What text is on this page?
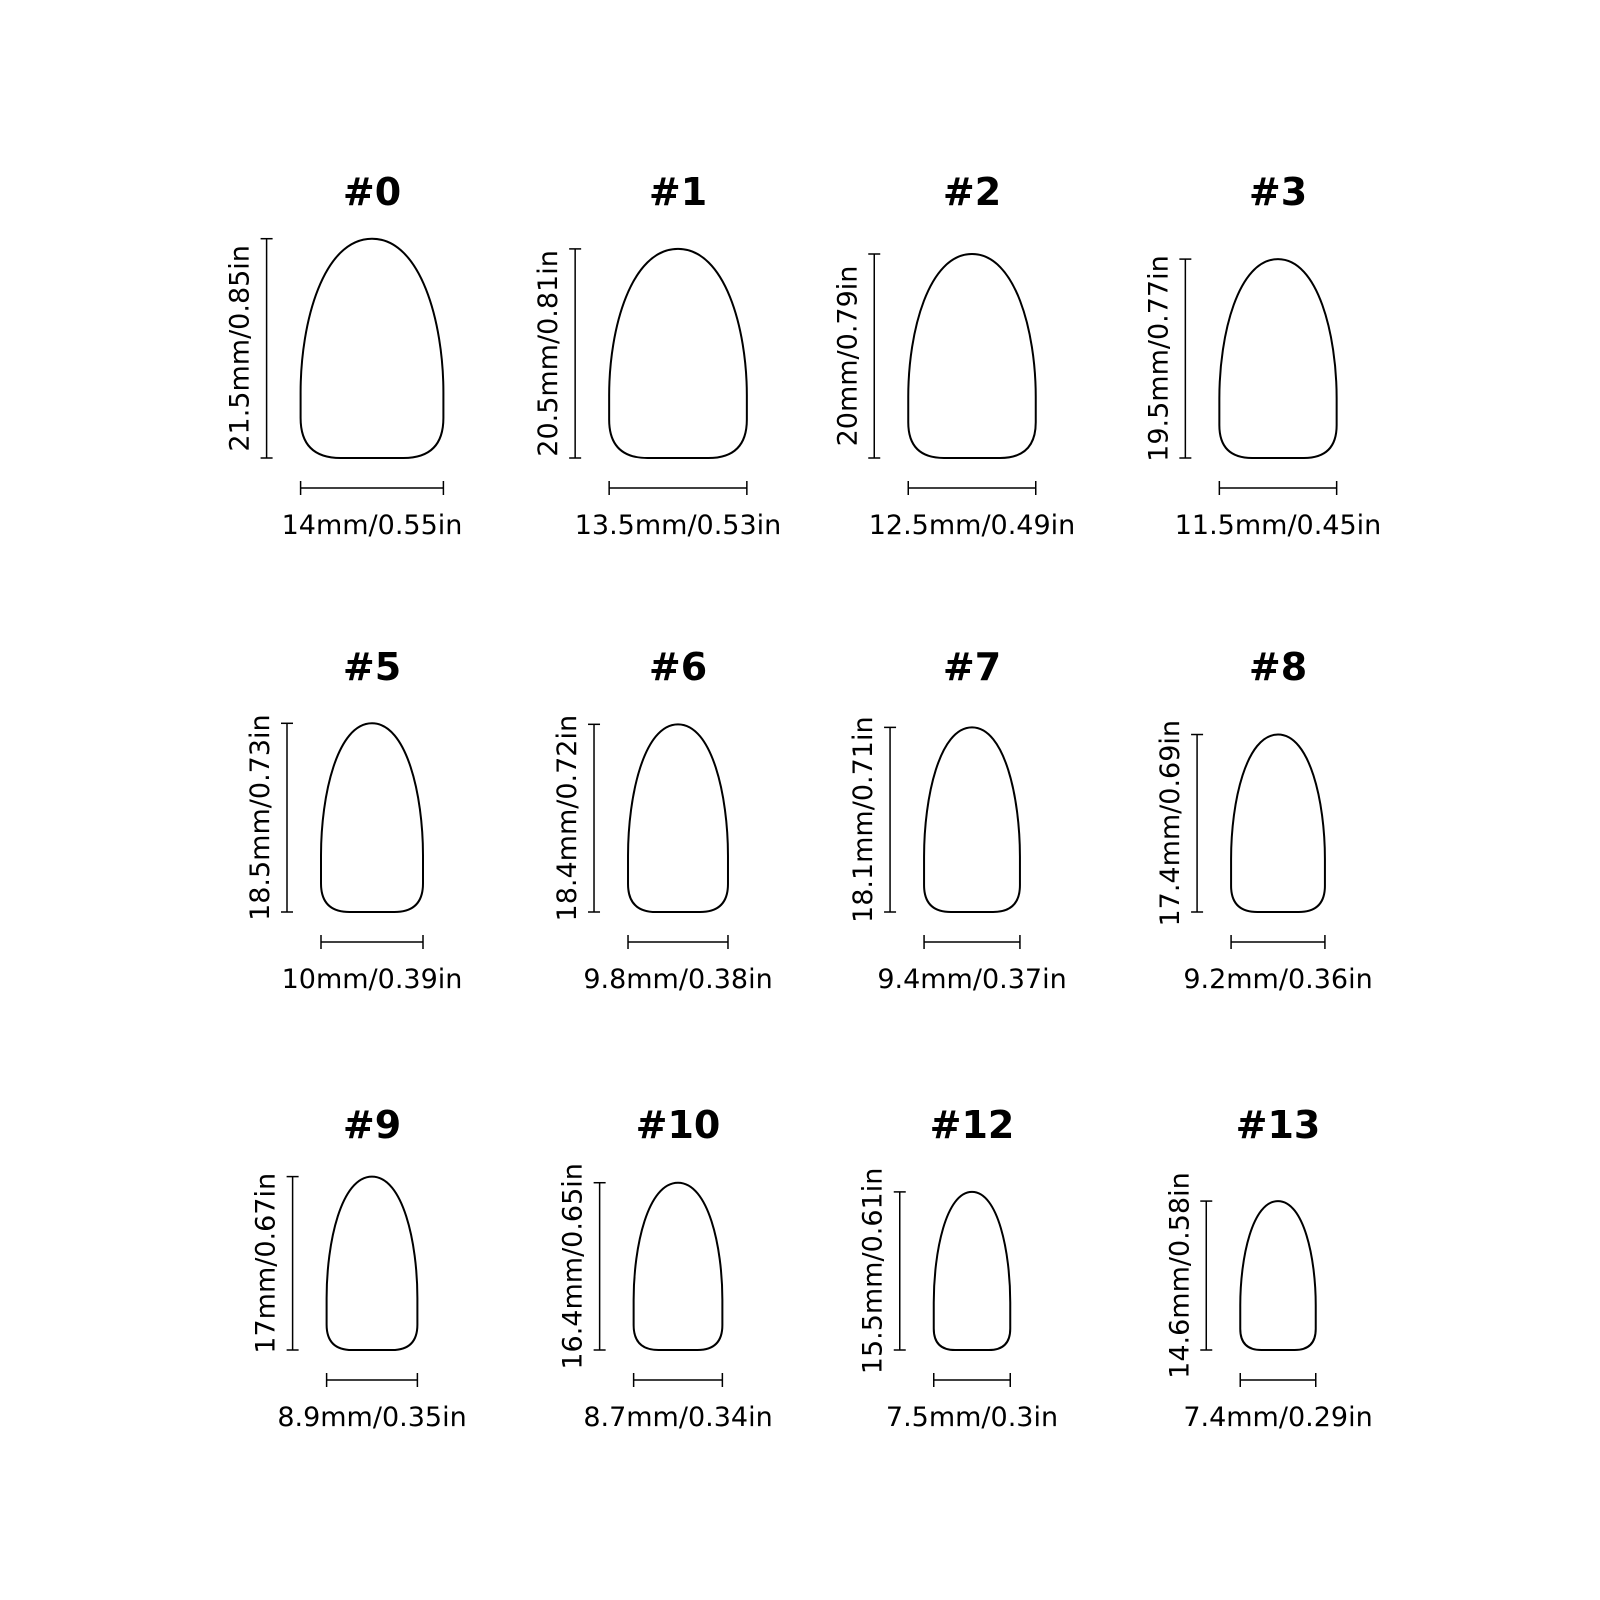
#0
21.5mm/0.85in
14mm/0.55in
#1
20.5mm/0.81in
13.5mm/0.53in
#2
20mm/0.79in
12.5mm/0.49in
#3
19.5mm/0.77in
11.5mm/0.45in
#5
18.5mm/0.73in
10mm/0.39in
#6
18.4mm/0.72in
9.8mm/0.38in
#7
18.1mm/0.71in
9.4mm/0.37in
#8
17.4mm/0.69in
9.2mm/0.36in
#9
17mm/0.67in
8.9mm/0.35in
#10
16.4mm/0.65in
8.7mm/0.34in
#12
15.5mm/0.61in
7.5mm/0.3in
#13
14.6mm/0.58in
7.4mm/0.29in
